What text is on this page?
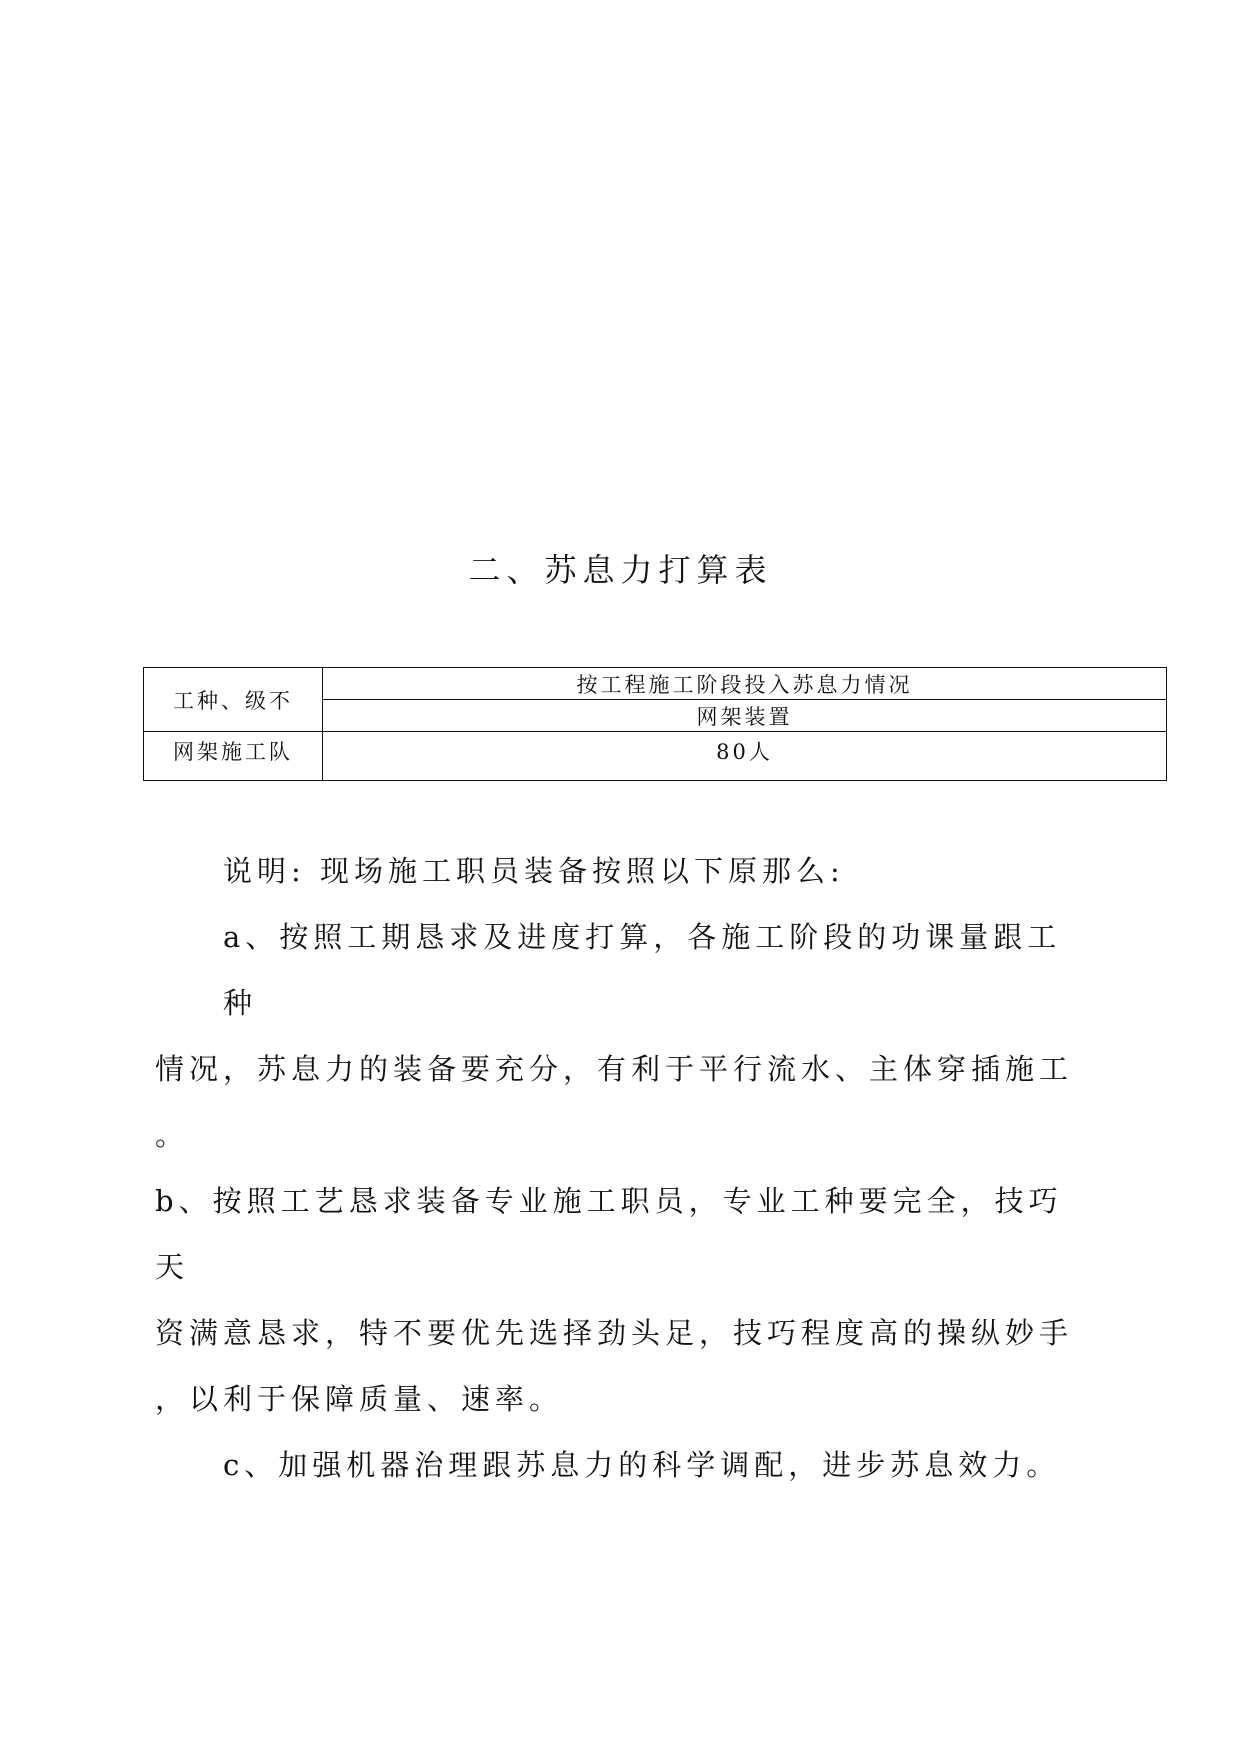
二、苏息力打算表
工种、级不	按工程施工阶段投入苏息力情况
	网架装置
网架施工队	80人

说明: 现场施工职员装备按照以下原那么:

a、按照工期恳求及进度打算，各施工阶段的功课量跟工种

情况，苏息力的装备要充分，有利于平行流水、主体穿插施工

。

b、按照工艺恳求装备专业施工职员，专业工种要完全，技巧天

资满意恳求，特不要优先选择劲头足，技巧程度高的操纵妙手

，以利于保障质量、速率。

c、加强机器治理跟苏息力的科学调配，进步苏息效力。
